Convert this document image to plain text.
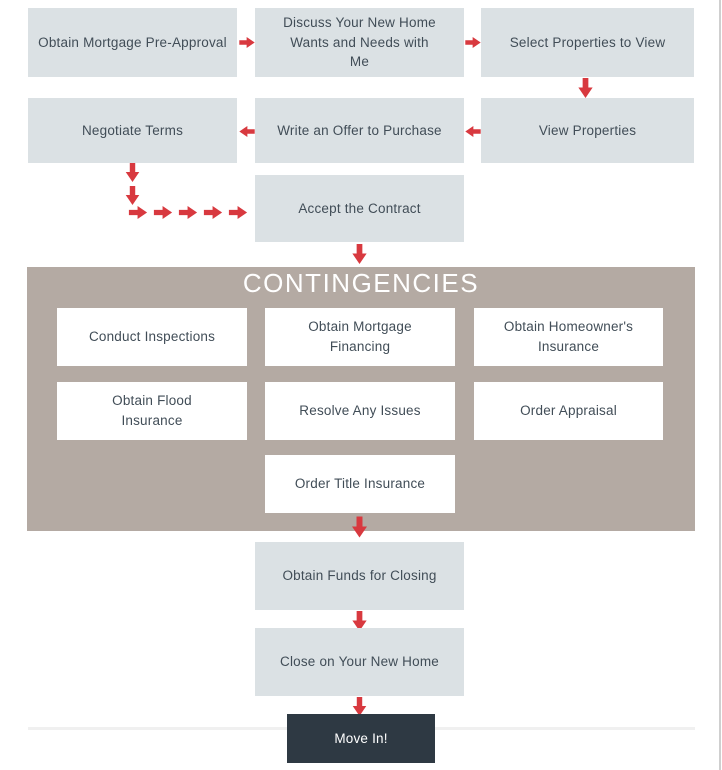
Obtain Mortgage Pre-Approval
Discuss Your New Home Wants and Needs with Me
Select Properties to View
Negotiate Terms	Write an Offer to Purchase	View Properties
Accept the Contract
CONTINGENCIES
Conduct Inspections
Obtain Mortgage Financing
Obtain Homeowner's Insurance
Obtain Flood Insurance
Resolve Any Issues	Order Appraisal
Order Title Insurance
Obtain Funds for Closing
Close on Your New Home
Move In!
